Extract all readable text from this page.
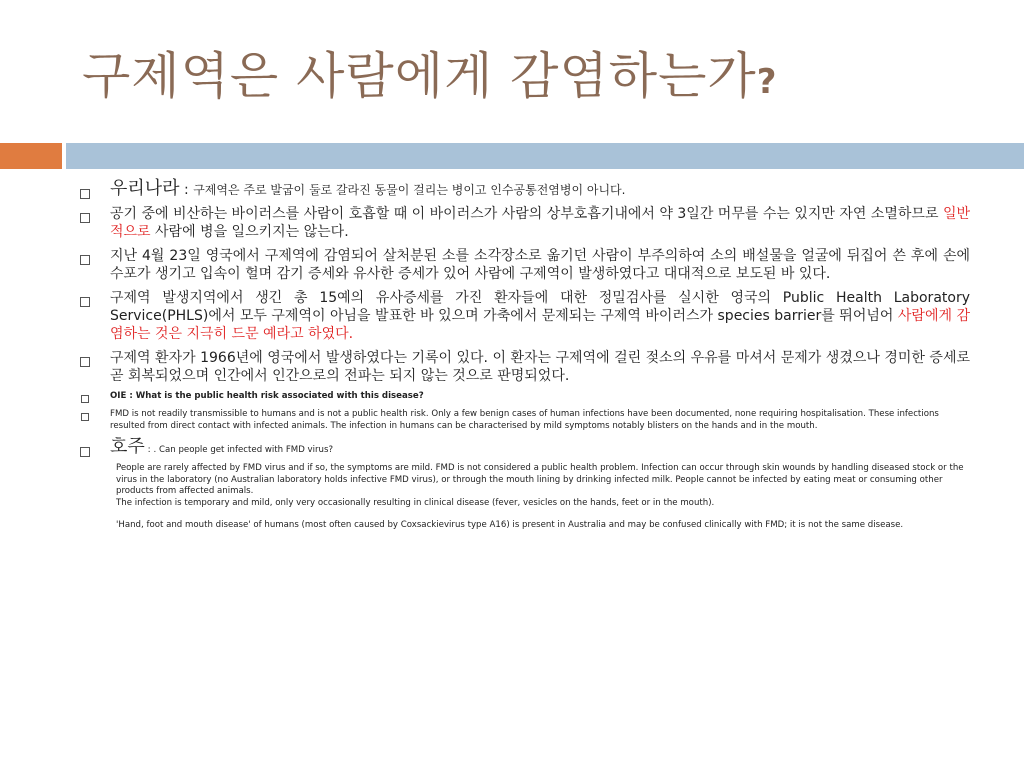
구제역은 사람에게 감염하는가?
우리나라 : 구제역은 주로 발굽이 둘로 갈라진 동물이 걸리는 병이고 인수공통전염병이 아니다.
공기 중에 비산하는 바이러스를 사람이 호흡할 때 이 바이러스가 사람의 상부호흡기내에서 약 3일간 머무를 수는 있지만 자연 소멸하므로 일반적으로 사람에 병을 일으키지는 않는다.
지난 4월 23일 영국에서 구제역에 감염되어 살처분된 소를 소각장소로 옮기던 사람이 부주의하여 소의 배설물을 얼굴에 뒤집어 쓴 후에 손에 수포가 생기고 입속이 헐며 감기 증세와 유사한 증세가 있어 사람에 구제역이 발생하였다고 대대적으로 보도된 바 있다.
구제역 발생지역에서 생긴 총 15예의 유사증세를 가진 환자들에 대한 정밀검사를 실시한 영국의 Public Health Laboratory Service(PHLS)에서 모두 구제역이 아님을 발표한 바 있으며 가축에서 문제되는 구제역 바이러스가 species barrier를 뛰어넘어 사람에게 감염하는 것은 지극히 드문 예라고 하였다.
구제역 환자가 1966년에 영국에서 발생하였다는 기록이 있다. 이 환자는 구제역에 걸린 젖소의 우유를 마셔서 문제가 생겼으나 경미한 증세로 곧 회복되었으며 인간에서 인간으로의 전파는 되지 않는 것으로 판명되었다.
OIE : What is the public health risk associated with this disease?
FMD is not readily transmissible to humans and is not a public health risk. Only a few benign cases of human infections have been documented, none requiring hospitalisation. These infections resulted from direct contact with infected animals. The infection in humans can be characterised by mild symptoms notably blisters on the hands and in the mouth.
호주 : . Can people get infected with FMD virus?

People are rarely affected by FMD virus and if so, the symptoms are mild. FMD is not considered a public health problem. Infection can occur through skin wounds by handling diseased stock or the virus in the laboratory (no Australian laboratory holds infective FMD virus), or through the mouth lining by drinking infected milk. People cannot be infected by eating meat or consuming other products from affected animals.

The infection is temporary and mild, only very occasionally resulting in clinical disease (fever, vesicles on the hands, feet or in the mouth).

'Hand, foot and mouth disease' of humans (most often caused by Coxsackievirus type A16) is present in Australia and may be confused clinically with FMD; it is not the same disease.
